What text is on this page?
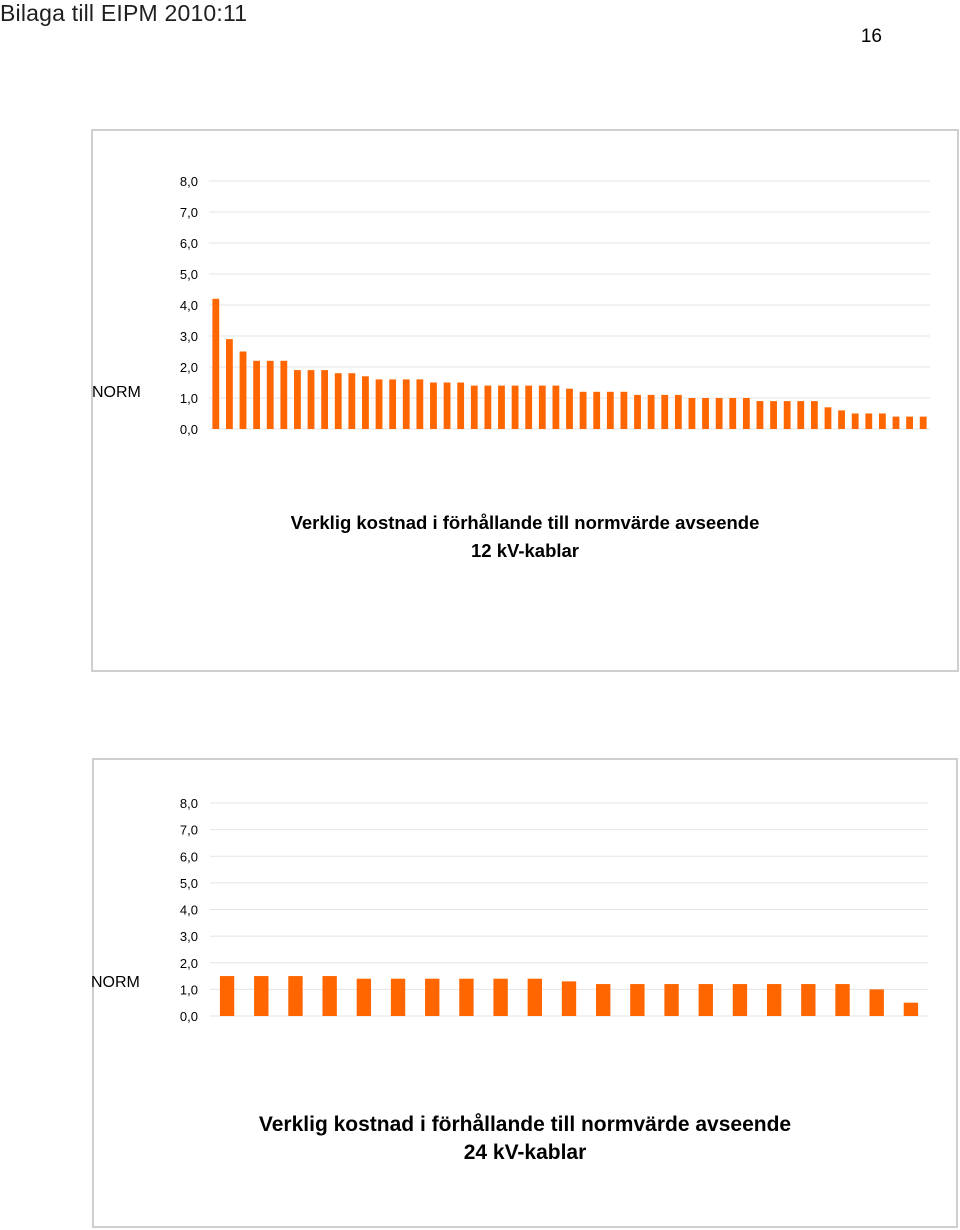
Bilaga till EIPM 2010:11
16
0,0
1,0
2,0
3,0
4,0
5,0
6,0
7,0
8,0
NORM
Verklig kostnad i förhållande till normvärde avseende
12 kV-kablar
0,0
1,0
2,0
3,0
4,0
5,0
6,0
7,0
8,0
NORM
Verklig kostnad i förhållande till normvärde avseende
24 kV-kablar
